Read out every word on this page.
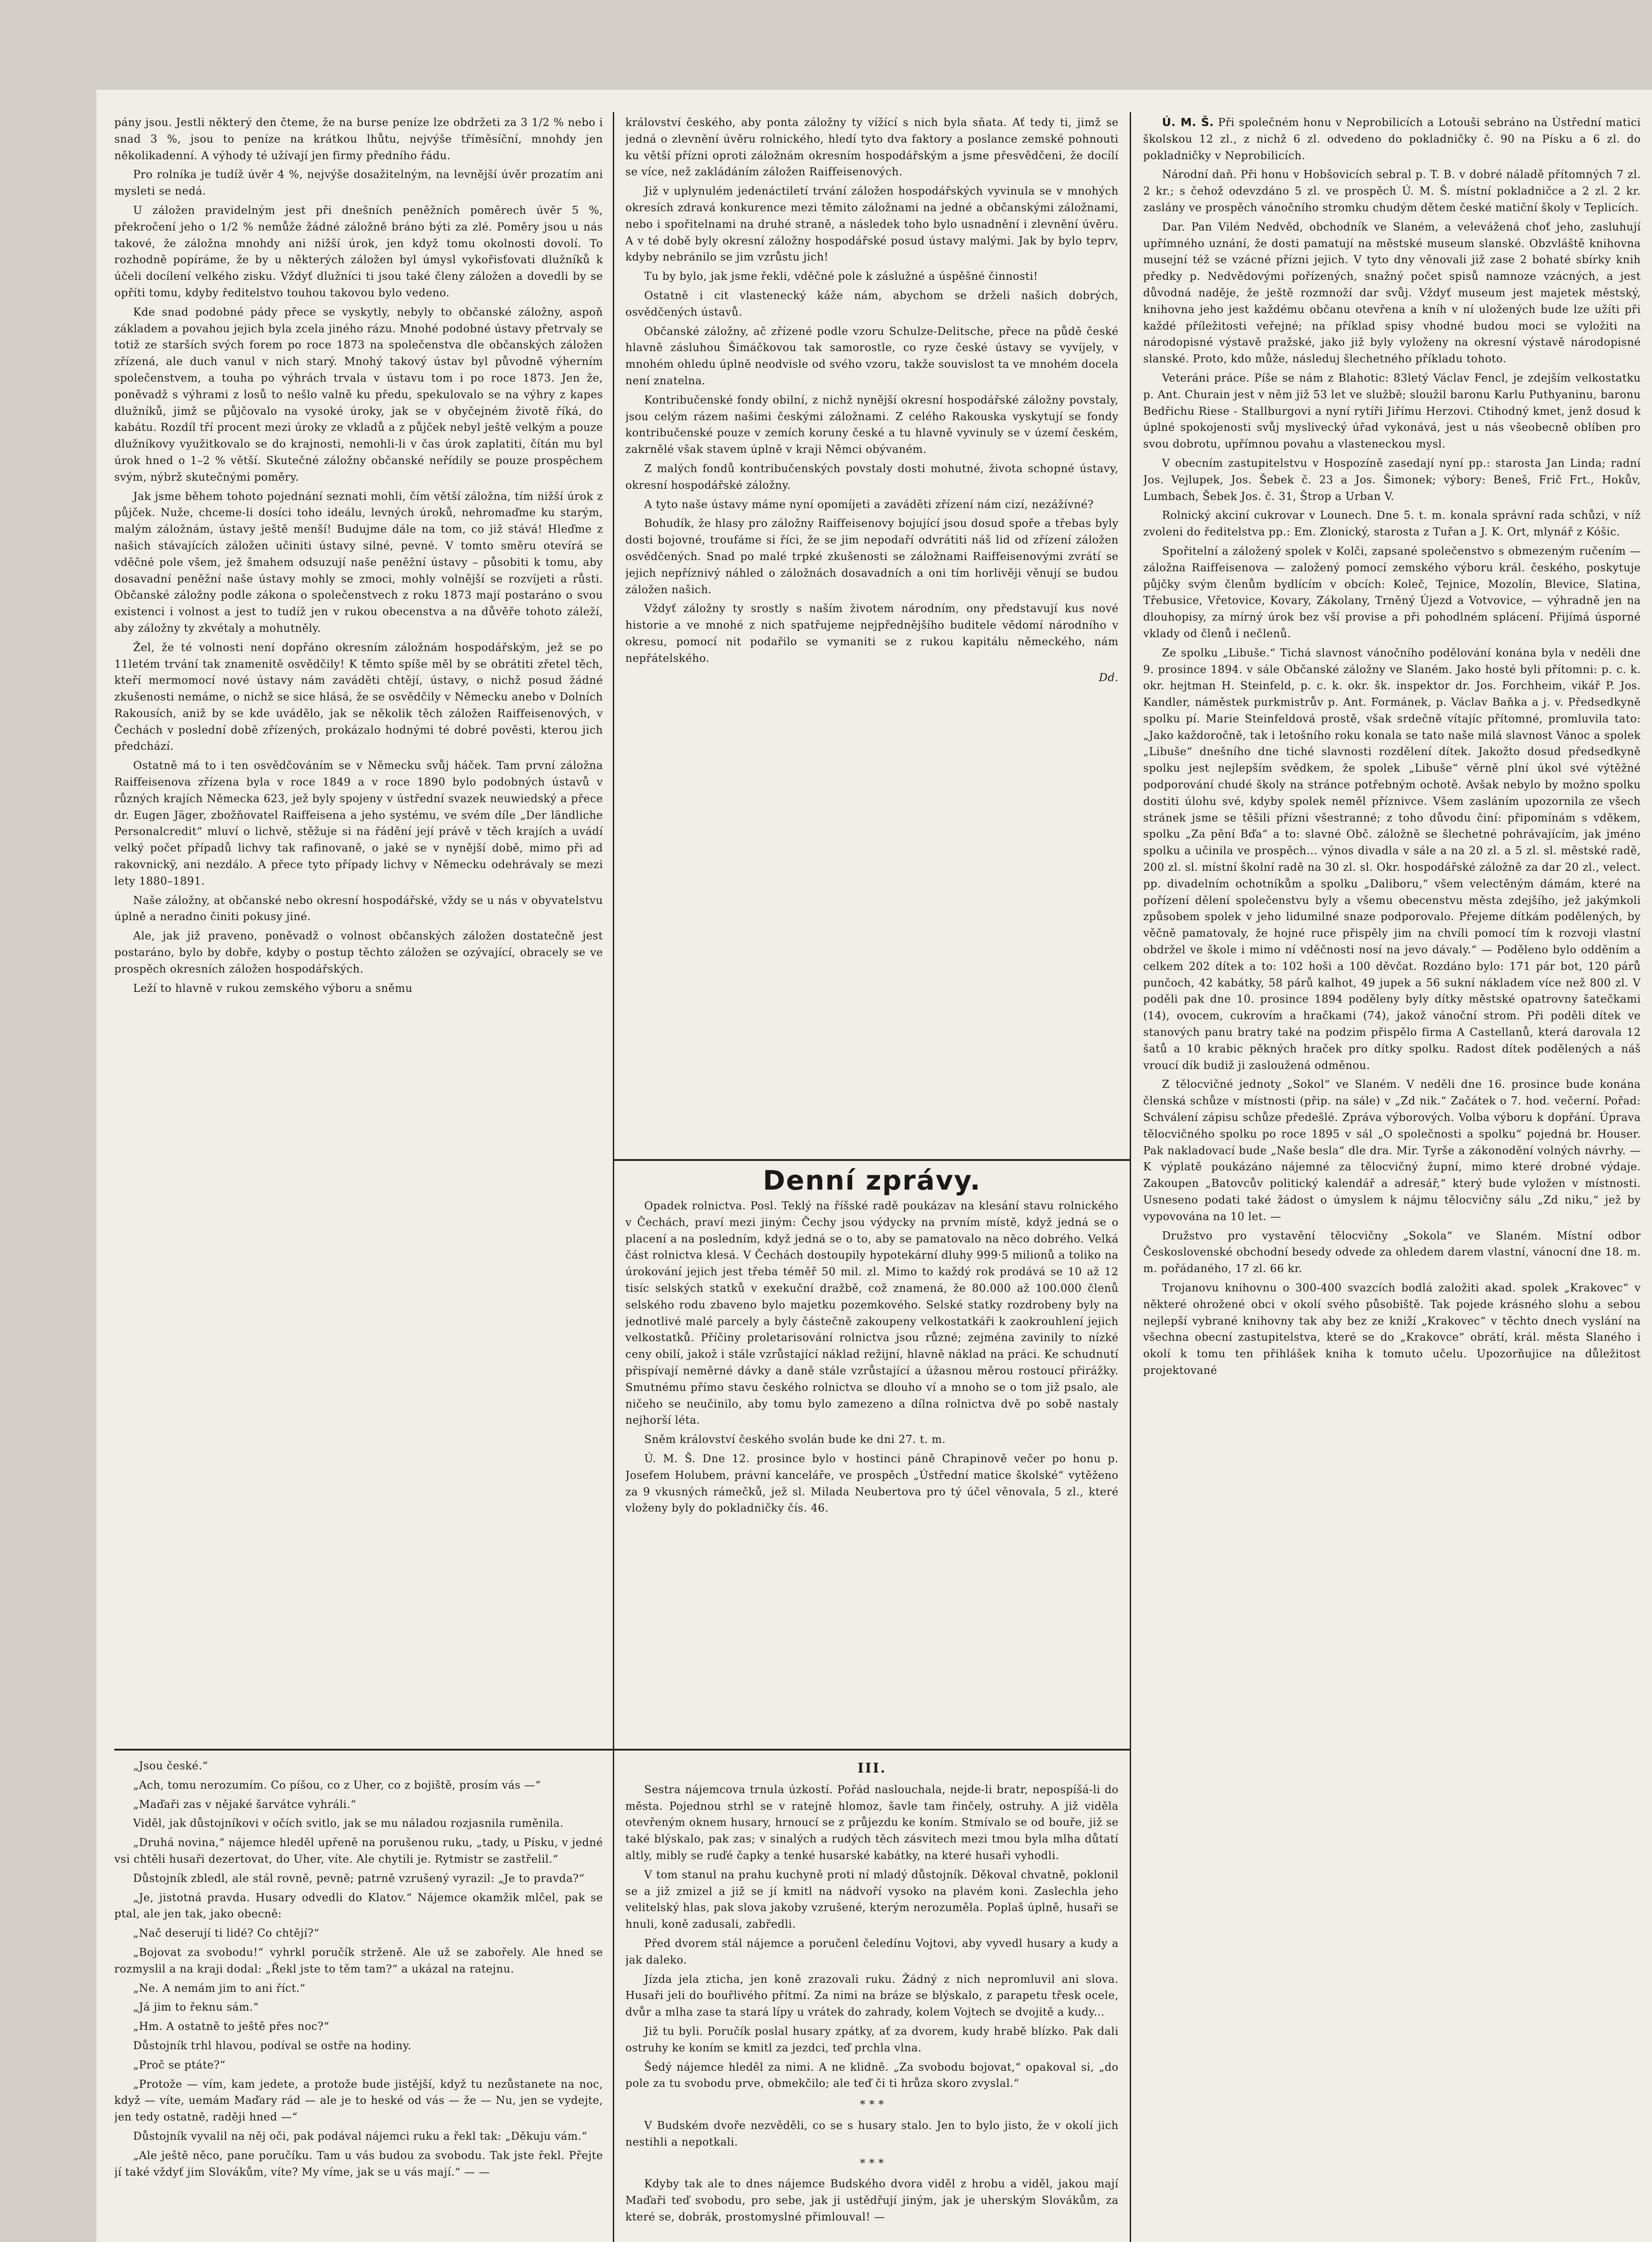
pány jsou. Jestli některý den čteme, že na burse peníze lze obdržeti za 3 1/2 % nebo i snad 3 %, jsou to peníze na krátkou lhůtu, nejvýše tříměsíční, mnohdy jen několikadenní. A výhody té užívají jen firmy předního řádu.

Pro rolníka je tudíž úvěr 4 %, nejvýše dosažitelným, na levnější úvěr prozatím ani mysleti se nedá.

U záložen pravidelným jest při dnešních peněžních poměrech úvěr 5 %, překročení jeho o 1/2 % nemůže žádné záložně bráno býti za zlé. Poměry jsou u nás takové, že záložna mnohdy ani nižší úrok, jen když tomu okolnosti dovolí. To rozhodně popíráme, že by u některých záložen byl úmysl vykořisťovati dlužníků k účeli docílení velkého zisku. Vždyť dlužníci ti jsou také členy záložen a dovedli by se opříti tomu, kdyby ředitelstvo touhou takovou bylo vedeno.

Kde snad podobné pády přece se vyskytly, nebyly to občanské záložny, aspoň základem a povahou jejich byla zcela jiného rázu. Mnohé podobné ústavy přetrvaly se totiž ze starších svých forem po roce 1873 na společenstva dle občanských záložen zřízená, ale duch vanul v nich starý. Mnohý takový ústav byl původně výherním společenstvem, a touha po výhrách trvala v ústavu tom i po roce 1873. Jen že, poněvadž s výhrami z losů to nešlo valně ku předu, spekulovalo se na výhry z kapes dlužníků, jimž se půjčovalo na vysoké úroky, jak se v obyčejném životě říká, do kabátu. Rozdíl tří procent mezi úroky ze vkladů a z půjček nebyl ještě velkým a pouze dlužníkovy využitkovalo se do krajnosti, nemohli-li v čas úrok zaplatiti, čítán mu byl úrok hned o 1–2 % větší. Skutečné záložny občanské neřídily se pouze prospěchem svým, nýbrž skutečnými poměry.

Jak jsme během tohoto pojednání seznati mohli, čím větší záložna, tím nižší úrok z půjček. Nuže, chceme-li dosíci toho ideálu, levných úroků, nehromaďme ku starým, malým záložnám, ústavy ještě menší! Budujme dále na tom, co již stává! Hleďme z našich stávajících záložen učiniti ústavy silné, pevné. V tomto směru otevírá se vděčné pole všem, jež šmahem odsuzují naše peněžní ústavy – působiti k tomu, aby dosavadní peněžní naše ústavy mohly se zmoci, mohly volnější se rozvíjeti a růsti. Občanské záložny podle zákona o společenstvech z roku 1873 mají postaráno o svou existenci i volnost a jest to tudíž jen v rukou obecenstva a na důvěře tohoto záleží, aby záložny ty zkvétaly a mohutněly.

Žel, že té volnosti není dopřáno okresním záložnám hospodářským, jež se po 11letém trvání tak znamenitě osvědčily! K těmto spíše měl by se obrátiti zřetel těch, kteří mermomocí nové ústavy nám zaváděti chtějí, ústavy, o nichž posud žádné zkušenosti nemáme, o nichž se sice hlásá, že se osvědčily v Německu anebo v Dolních Rakousích, aniž by se kde uvádělo, jak se několik těch záložen Raiffeisenových, v Čechách v poslední době zřízených, prokázalo hodnými té dobré pověsti, kterou jich předchází.

Ostatně má to i ten osvědčováním se v Německu svůj háček. Tam první záložna Raiffeisenova zřízena byla v roce 1849 a v roce 1890 bylo podobných ústavů v různých krajích Německa 623, jež byly spojeny v ústřední svazek neuwiedský a přece dr. Eugen Jäger, zbožňovatel Raiffeisena a jeho systému, ve svém díle „Der ländliche Personalcredit“ mluví o lichvě, stěžuje si na řádění její právě v těch krajích a uvádí velký počet případů lichvy tak rafinovaně, o jaké se v nynější době, mimo při ad rakovnickÿ, ani nezdálo. A přece tyto případy lichvy v Německu odehrávaly se mezi lety 1880–1891.

Naše záložny, at občanské nebo okresní hospodářské, vždy se u nás v obyvatelstvu úplně a neradno činiti pokusy jiné.

Ale, jak již praveno, poněvadž o volnost občanských záložen dostatečně jest postaráno, bylo by dobře, kdyby o postup těchto záložen se ozývající, obracely se ve prospěch okresních záložen hospodářských.

Leží to hlavně v rukou zemského výboru a sněmu

„Jsou české.“

„Ach, tomu nerozumím. Co píšou, co z Uher, co z bojiště, prosím vás —“

„Maďaři zas v nějaké šarvátce vyhráli.“

Viděl, jak důstojníkovi v očích svitlo, jak se mu náladou rozjasnila ruměnila.

„Druhá novina,“ nájemce hleděl upřeně na porušenou ruku, „tady, u Písku, v jedné vsi chtěli husaři dezertovat, do Uher, víte. Ale chytili je. Rytmistr se zastřelil.“

Důstojník zbledl, ale stál rovně, pevně; patrně vzrušený vyrazil: „Je to pravda?“

„Je, jistotná pravda. Husary odvedli do Klatov.“ Nájemce okamžik mlčel, pak se ptal, ale jen tak, jako obecně:

„Nač deserují ti lidé? Co chtějí?“

„Bojovat za svobodu!“ vyhrkl poručík strženě. Ale už se zabořely. Ale hned se rozmyslil a na kraji dodal: „Řekl jste to těm tam?“ a ukázal na ratejnu.

„Ne. A nemám jim to ani říct.“

„Já jim to řeknu sám.“

„Hm. A ostatně to ještě přes noc?“

Důstojník trhl hlavou, podíval se ostře na hodiny.

„Proč se ptáte?“

„Protože — vím, kam jedete, a protože bude jistější, když tu nezůstanete na noc, když — víte, uemám Maďary rád — ale je to heské od vás — že — Nu, jen se vydejte, jen tedy ostatně, raději hned —“

Důstojník vyvalil na něj oči, pak podával nájemci ruku a řekl tak: „Děkuju vám.“

„Ale ještě něco, pane poručíku. Tam u vás budou za svobodu. Tak jste řekl. Přejte jí také vždyť jim Slovákům, víte? My víme, jak se u vás mají.“ — —

království českého, aby ponta záložny ty vížící s nich byla sňata. Ať tedy ti, jimž se jedná o zlevnění úvěru rolnického, hledí tyto dva faktory a poslance zemské pohnouti ku větší přízni oproti záložnám okresním hospodářským a jsme přesvědčeni, že docílí se více, než zakládáním záložen Raiffeisenových.

Již v uplynulém jedenáctiletí trvání záložen hospodářských vyvinula se v mnohých okresích zdravá konkurence mezi těmito záložnami na jedné a občanskými záložnami, nebo i spořitelnami na druhé straně, a následek toho bylo usnadnění i zlevnění úvěru. A v té době byly okresní záložny hospodářské posud ústavy malými. Jak by bylo teprv, kdyby nebránilo se jim vzrůstu jich!

Tu by bylo, jak jsme řekli, vděčné pole k záslužné a úspěšné činnosti!

Ostatně i cit vlastenecký káže nám, abychom se drželi našich dobrých, osvědčených ústavů.

Občanské záložny, ač zřízené podle vzoru Schulze-Delitsche, přece na půdě české hlavně zásluhou Šimáčkovou tak samorostle, co ryze české ústavy se vyvíjely, v mnohém ohledu úplně neodvisle od svého vzoru, takže souvislost ta ve mnohém docela není znatelna.

Kontribučenské fondy obilní, z nichž nynější okresní hospodářské záložny povstaly, jsou celým rázem našimi českými záložnami. Z celého Rakouska vyskytují se fondy kontribučenské pouze v zemích koruny české a tu hlavně vyvinuly se v území českém, zakrnělé však stavem úplně v kraji Němci obývaném.

Z malých fondů kontribučenských povstaly dosti mohutné, života schopné ústavy, okresní hospodářské záložny.

A tyto naše ústavy máme nyní opomíjeti a zaváděti zřízení nám cizí, nezážívné?

Bohudík, že hlasy pro záložny Raiffeisenovy bojující jsou dosud spoře a třebas byly dosti bojovné, troufáme si říci, že se jim nepodaří odvrátiti náš lid od zřízení záložen osvědčených. Snad po malé trpké zkušenosti se záložnami Raiffeisenovými zvrátí se jejich nepříznivý náhled o záložnách dosavadních a oni tím horlivěji věnují se budou záložen našich.

Vždyť záložny ty srostly s naším životem národním, ony představují kus nové historie a ve mnohé z nich spatřujeme nejpřednějšího buditele vědomí národního v okresu, pomocí nit podařilo se vymaniti se z rukou kapitálu německého, nám nepřátelského.

Dd.

Denní zprávy.

Opadek rolnictva. Posl. Teklý na říšské radě poukázav na klesání stavu rolnického v Čechách, praví mezi jiným: Čechy jsou výdycky na prvním místě, když jedná se o placení a na posledním, když jedná se o to, aby se pamatovalo na něco dobrého. Velká část rolnictva klesá. V Čechách dostoupily hypotekární dluhy 999·5 milionů a toliko na úrokování jejich jest třeba téměř 50 mil. zl. Mimo to každý rok prodává se 10 až 12 tisíc selských statků v exekuční dražbě, což znamená, že 80.000 až 100.000 členů selského rodu zbaveno bylo majetku pozemkového. Selské statky rozdrobeny byly na jednotlivé malé parcely a byly částečně zakoupeny velkostatkáři k zaokrouhlení jejich velkostatků. Příčiny proletarisování rolnictva jsou různé; zejména zavinily to nízké ceny obilí, jakož i stále vzrůstající náklad režijní, hlavně náklad na práci. Ke schudnutí přispívají neměrné dávky a daně stále vzrůstající a úžasnou měrou rostoucí přirážky. Smutnému přímo stavu českého rolnictva se dlouho ví a mnoho se o tom již psalo, ale ničeho se neučinilo, aby tomu bylo zamezeno a dílna rolnictva dvě po sobě nastaly nejhorší léta.

Sněm království českého svolán bude ke dni 27. t. m.

Ú. M. Š. Dne 12. prosince bylo v hostinci páně Chrapinově večer po honu p. Josefem Holubem, právní kanceláře, ve prospěch „Ústřední matice školské“ vytěženo za 9 vkusných rámečků, jež sl. Milada Neubertova pro tý účel věnovala, 5 zl., které vloženy byly do pokladničky čís. 46.

III.

Sestra nájemcova trnula úzkostí. Pořád naslouchala, nejde-li bratr, nepospíšá-li do města. Pojednou strhl se v ratejně hlomoz, šavle tam řinčely, ostruhy. A již viděla otevřeným oknem husary, hrnoucí se z průjezdu ke koním. Stmívalo se od bouře, již se také blýskalo, pak zas; v sinalých a rudých těch zásvitech mezi tmou byla mlha důtatí altly, mibly se ruďé čapky a tenké husarské kabátky, na které husaři vyhodli.

V tom stanul na prahu kuchyně proti ní mladý důstojník. Děkoval chvatně, poklonil se a již zmizel a již se jí kmitl na nádvoří vysoko na plavém koni. Zaslechla jeho velitelský hlas, pak slova jakoby vzrušené, kterým nerozuměla. Poplaš úplně, husaři se hnuli, koně zadusali, zabředli.

Před dvorem stál nájemce a poručenl čeledínu Vojtovi, aby vyvedl husary a kudy a jak daleko.

Jízda jela zticha, jen koně zrazovali ruku. Žádný z nich nepromluvil ani slova. Husaři jeli do bouřlivého přítmí. Za nimi na bráze se blýskalo, z parapetu třesk ocele, dvůr a mlha zase ta stará lípy u vrátek do zahrady, kolem Vojtech se dvojitě a kudy...

Již tu byli. Poručík poslal husary zpátky, ať za dvorem, kudy hrabě blízko. Pak dali ostruhy ke koním se kmitl za jezdci, teď prchla vlna.

Šedý nájemce hleděl za nimi. A ne klidně. „Za svobodu bojovat,“ opakoval si, „do pole za tu svobodu prve, obmekčilo; ale teď či ti hrůza skoro zvyslal.“

* * *

V Budském dvoře nezvěděli, co se s husary stalo. Jen to bylo jisto, že v okolí jich nestihli a nepotkali.

* * *

Kdyby tak ale to dnes nájemce Budského dvora viděl z hrobu a viděl, jakou mají Maďaři teď svobodu, pro sebe, jak ji ustědřují jiným, jak je uherským Slovákům, za které se, dobrák, prostomyslné přimlouval! —

Ú. M. Š. Při společném honu v Neprobilicích a Lotouši sebráno na Ústřední matici školskou 12 zl., z nichž 6 zl. odvedeno do pokladničky č. 90 na Písku a 6 zl. do pokladničky v Neprobilicích.

Národní daň. Při honu v Hobšovicích sebral p. T. B. v dobré náladě přítomných 7 zl. 2 kr.; s čehož odevzdáno 5 zl. ve prospěch Ú. M. Š. místní pokladničce a 2 zl. 2 kr. zaslány ve prospěch vánočního stromku chudým dětem české matiční školy v Teplicích.

Dar. Pan Vilém Nedvěd, obchodník ve Slaném, a velevážená choť jeho, zasluhují upřímného uznání, že dosti pamatují na městské museum slanské. Obzvláště knihovna musejní též se vzácné přízni jejich. V tyto dny věnovali již zase 2 bohaté sbírky knih předky p. Nedvědovými pořízených, snažný počet spisů namnoze vzácných, a jest důvodná naděje, že ještě rozmnoží dar svůj. Vždyť museum jest majetek městský, knihovna jeho jest každému občanu otevřena a kníh v ní uložených bude lze užíti při každé příležitosti veřejné; na příklad spisy vhodné budou moci se vyložiti na národopisné výstavě pražské, jako již byly vyloženy na okresní výstavě národopisné slanské. Proto, kdo může, následuj šlechetného příkladu tohoto.

Veteráni práce. Píše se nám z Blahotic: 83letý Václav Fencl, je zdejším velkostatku p. Ant. Churain jest v něm již 53 let ve službě; sloužil baronu Karlu Puthyaninu, baronu Bedřichu Riese - Stallburgovi a nyní rytíři Jiřímu Herzovi. Ctihodný kmet, jenž dosud k úplné spokojenosti svůj myslivecký úřad vykonává, jest u nás všeobecně oblíben pro svou dobrotu, upřímnou povahu a vlasteneckou mysl.

V obecním zastupitelstvu v Hospozíně zasedají nyní pp.: starosta Jan Linda; radní Jos. Vejlupek, Jos. Šebek č. 23 a Jos. Šimonek; výbory: Beneš, Frič Frt., Hokův, Lumbach, Šebek Jos. č. 31, Štrop a Urban V.

Rolnický akciní cukrovar v Lounech. Dne 5. t. m. konala správní rada schůzi, v níž zvoleni do ředitelstva pp.: Em. Zlonický, starosta z Tuřan a J. K. Ort, mlynář z Kóšic.

Spořitelní a záložený spolek v Kolči, zapsané společenstvo s obmezeným ručením — záložna Raiffeisenova — založený pomocí zemského výboru král. českého, poskytuje půjčky svým členům bydlícím v obcích: Koleč, Tejnice, Mozolín, Blevice, Slatina, Třebusice, Vřetovice, Kovary, Zákolany, Trněný Újezd a Votvovice, — výhradně jen na dlouhopisy, za mírný úrok bez vší provise a při pohodlném splácení. Přijímá úsporné vklady od členů i nečlenů.

Ze spolku „Libuše.“ Tichá slavnost vánočního podělování konána byla v neděli dne 9. prosince 1894. v sále Občanské záložny ve Slaném. Jako hosté byli přítomni: p. c. k. okr. hejtman H. Steinfeld, p. c. k. okr. šk. inspektor dr. Jos. Forchheim, vikář P. Jos. Kandler, náměstek purkmistrův p. Ant. Formánek, p. Václav Baňka a j. v. Předsedkyně spolku pí. Marie Steinfeldová prostě, však srdečně vítajíc přítomné, promluvila tato: „Jako každoročně, tak i letošního roku konala se tato naše milá slavnost Vánoc a spolek „Libuše“ dnešního dne tiché slavnosti rozdělení dítek. Jakožto dosud předsedkyně spolku jest nejlepším svědkem, že spolek „Libuše“ věrně plní úkol své výtěžné podporování chudé školy na stránce potřebným ochotě. Avšak nebylo by možno spolku dostiti úlohu své, kdyby spolek neměl příznivce. Všem zasláním upozornila ze všech stránek jsme se těšili přízni všestranné; z toho důvodu činí: připomínám s vděkem, spolku „Za pění Bďa“ a to: slavné Obč. záložně se šlechetné pohrávajícím, jak jméno spolku a učinila ve prospěch... výnos divadla v sále a na 20 zl. a 5 zl. sl. městské radě, 200 zl. sl. místní školní radě na 30 zl. sl. Okr. hospodářské záložně za dar 20 zl., velect. pp. divadelním ochotníkům a spolku „Daliboru,“ všem velectěným dámám, které na pořízení dělení společenstvu byly a všemu obecenstvu města zdejšího, jež jakýmkoli způsobem spolek v jeho lidumilné snaze podporovalo. Přejeme dítkám podělených, by věčně pamatovaly, že hojné ruce přispěly jim na chvíli pomocí tím k rozvoji vlastní obdržel ve škole i mimo ní vděčnosti nosí na jevo dávaly.“ — Poděleno bylo odděním a celkem 202 dítek a to: 102 hoši a 100 děvčat. Rozdáno bylo: 171 pár bot, 120 párů punčoch, 42 kabátky, 58 párů kalhot, 49 jupek a 56 sukní nákladem více než 800 zl. V poděli pak dne 10. prosince 1894 poděleny byly dítky městské opatrovny šatečkami (14), ovocem, cukrovím a hračkami (74), jakož vánoční strom. Při poděli dítek ve stanových panu bratry také na podzim přispělo firma A Castellanů, která darovala 12 šatů a 10 krabic pěkných hraček pro dítky spolku. Radost dítek podělených a náš vroucí dík budiž ji zasloužená odměnou.

Z tělocvičné jednoty „Sokol“ ve Slaném. V neděli dne 16. prosince bude konána členská schůze v místnosti (přip. na sále) v „Zd nik.“ Začátek o 7. hod. večerní. Pořad: Schválení zápisu schůze předešlé. Zpráva výborových. Volba výboru k dopřání. Úprava tělocvičného spolku po roce 1895 v sál „O společnosti a spolku“ pojedná br. Houser. Pak nakladovací bude „Naše besla“ dle dra. Mir. Tyrše a zákonodění volných návrhy. — K výplatě poukázáno nájemné za tělocvičný župní, mimo které drobné výdaje. Zakoupen „Batovcův politický kalendář a adresář,“ který bude vyložen v místnosti. Usneseno podati také žádost o úmyslem k nájmu tělocvičny sálu „Zd niku,“ jež by vypovována na 10 let. —

Družstvo pro vystavění tělocvičny „Sokola“ ve Slaném. Místní odbor Československé obchodní besedy odvede za ohledem darem vlastní, vánocní dne 18. m. m. pořádaného, 17 zl. 66 kr.

Trojanovu knihovnu o 300-400 svazcích bodlá založiti akad. spolek „Krakovec“ v některé ohrožené obci v okolí svého působiště. Tak pojede krásného slohu a sebou nejlepší vybrané knihovny tak aby bez ze kniží „Krakovec“ v těchto dnech vyslání na všechna obecní zastupitelstva, které se do „Krakovce“ obrátí, král. města Slaného i okolí k tomu ten přihlášek kniha k tomuto učelu. Upozorňujice na důležitost projektované
